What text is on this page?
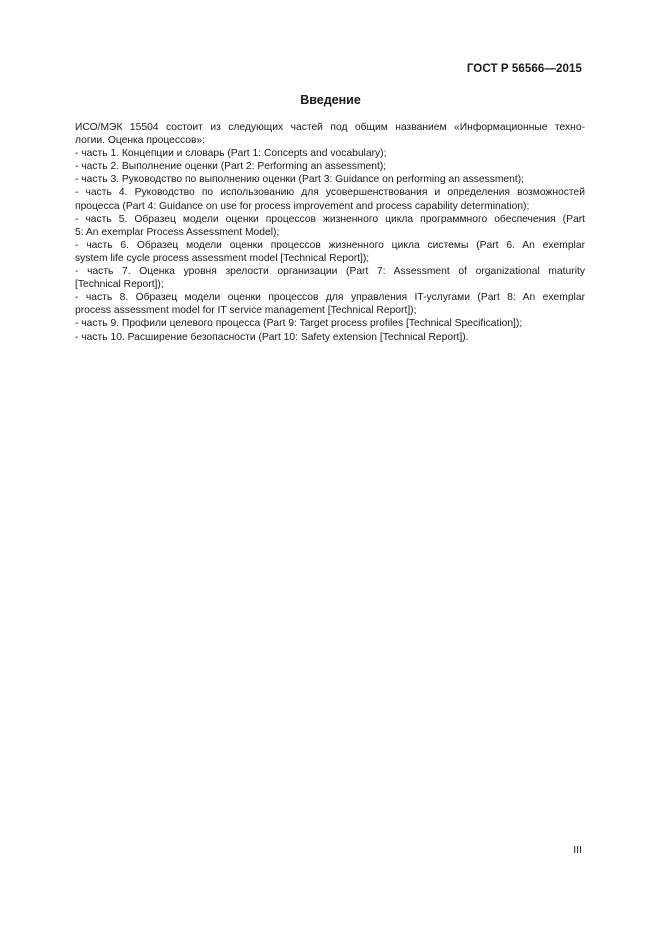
ГОСТ Р 56566—2015
Введение
ИСО/МЭК 15504 состоит из следующих частей под общим названием «Информационные техно-
логии. Оценка процессов»:
- часть 1. Концепции и словарь (Part 1: Concepts and vocabulary);
- часть 2. Выполнение оценки (Part 2: Performing an assessment);
- часть 3. Руководство по выполнению оценки (Part 3: Guidance on performing an assessment);
- часть 4. Руководство по использованию для усовершенствования и определения возможностей
процесса (Part 4: Guidance on use for process improvement and process capability determination);
- часть 5. Образец модели оценки процессов жизненного цикла программного обеспечения (Part
5: An exemplar Process Assessment Model);
- часть 6. Образец модели оценки процессов жизненного цикла системы (Part 6. An exemplar
system life cycle process assessment model [Technical Report]);
- часть 7. Оценка уровня зрелости организации (Part 7: Assessment of organizational maturity
[Technical Report]);
- часть 8. Образец модели оценки процессов для управления IT-услугами (Part 8: An exemplar
process assessment model for IT service management [Technical Report]);
- часть 9. Профили целевого процесса (Part 9: Target process profiles [Technical Specification]);
- часть 10. Расширение безопасности (Part 10: Safety extension [Technical Report]).
III
